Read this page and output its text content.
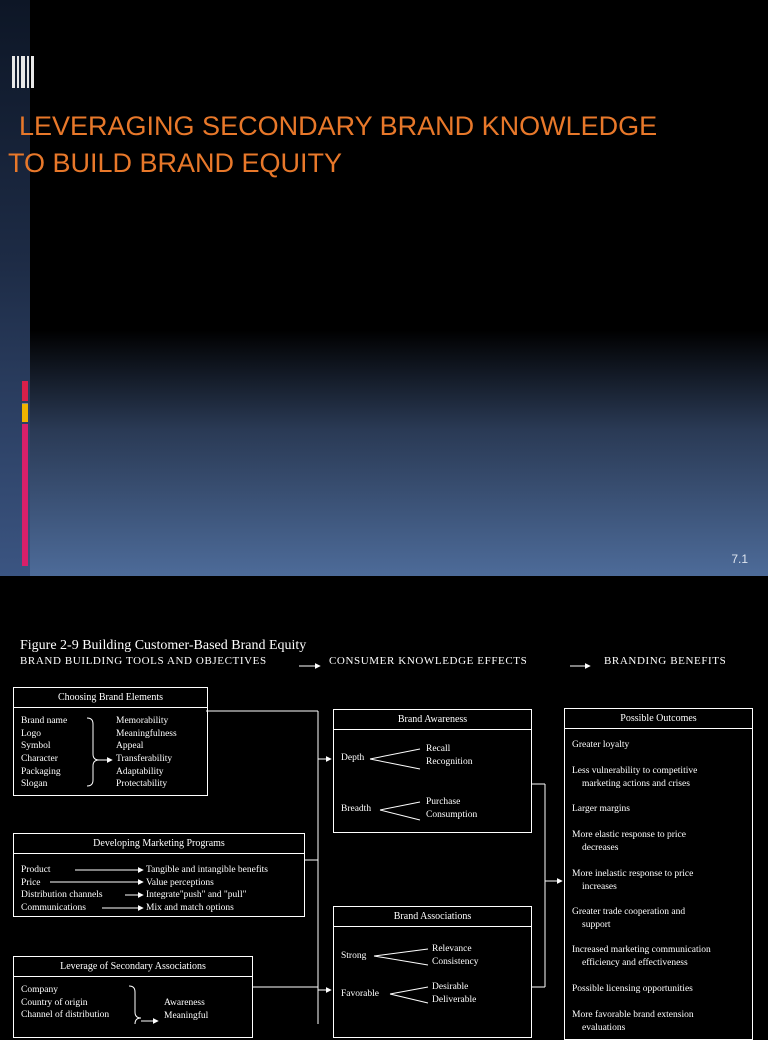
LEVERAGING SECONDARY BRAND KNOWLEDGE
TO BUILD BRAND EQUITY
7.1
Figure 2-9 Building Customer-Based Brand Equity
BRAND BUILDING TOOLS AND OBJECTIVES	CONSUMER KNOWLEDGE EFFECTS	BRANDING BENEFITS
Choosing Brand Elements
Brand name
Logo
Symbol
Character
Packaging
Slogan
Memorability
Meaningfulness
Appeal
Transferability
Adaptability
Protectability
Developing Marketing Programs
Product
Price
Distribution channels
Communications
Tangible and intangible benefits
Value perceptions
Integrate"push" and "pull"
Mix and match options
Leverage of Secondary Associations
Company
Country of origin
Channel of distribution
Awareness
Meaningful
Brand Awareness
Depth
Recall
Recognition
Breadth
Purchase
Consumption
Brand Associations
Strong
Relevance
Consistency
Favorable
Desirable
Deliverable
Possible Outcomes
Greater loyalty
Less vulnerability to competitive
marketing actions and crises
Larger margins
More elastic response to price
decreases
More inelastic response to price
increases
Greater trade cooperation and
support
Increased marketing communication
efficiency and effectiveness
Possible licensing opportunities
More favorable brand extension
evaluations
